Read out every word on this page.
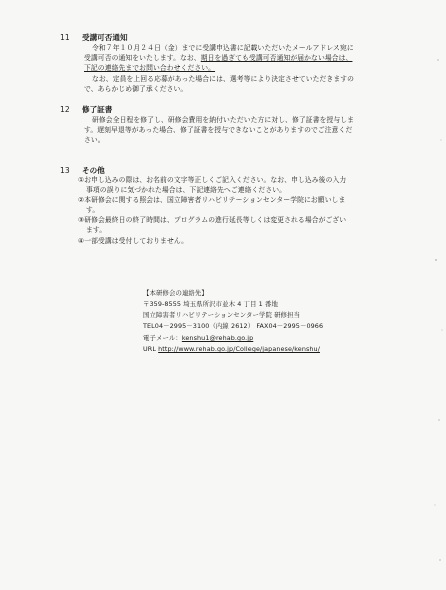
11 受講可否通知
令和７年１０月２４日（金）までに受講申込書に記載いただいたメールアドレス宛に
受講可否の通知をいたします。なお、期日を過ぎても受講可否通知が届かない場合は、
下記の連絡先までお問い合わせください。
なお、定員を上回る応募があった場合には、選考等により決定させていただきますの
で、あらかじめ御了承ください。
12 修了証書
研修会全日程を修了し、研修会費用を納付いただいた方に対し、修了証書を授与しま
す。遅刻早退等があった場合、修了証書を授与できないことがありますのでご注意くだ
さい。
13 その他
①お申し込みの際は、お名前の文字等正しくご記入ください。なお、申し込み後の入力
事項の誤りに気づかれた場合は、下記連絡先へご連絡ください。
②本研修会に関する照会は、国立障害者リハビリテーションセンター学院にお願いしま
す。
③研修会最終日の終了時間は、プログラムの進行延長等しくは変更される場合がござい
ます。
④一部受講は受付しておりません。
【本研修会の連絡先】
〒359-8555 埼玉県所沢市並木 4 丁目 1 番地
国立障害者リハビリテーションセンター学院 研修担当
TEL04－2995－3100（内線 2612） FAX04－2995－0966
電子メール：kenshu1@rehab.go.jp
URL http://www.rehab.go.jp/College/japanese/kenshu/
